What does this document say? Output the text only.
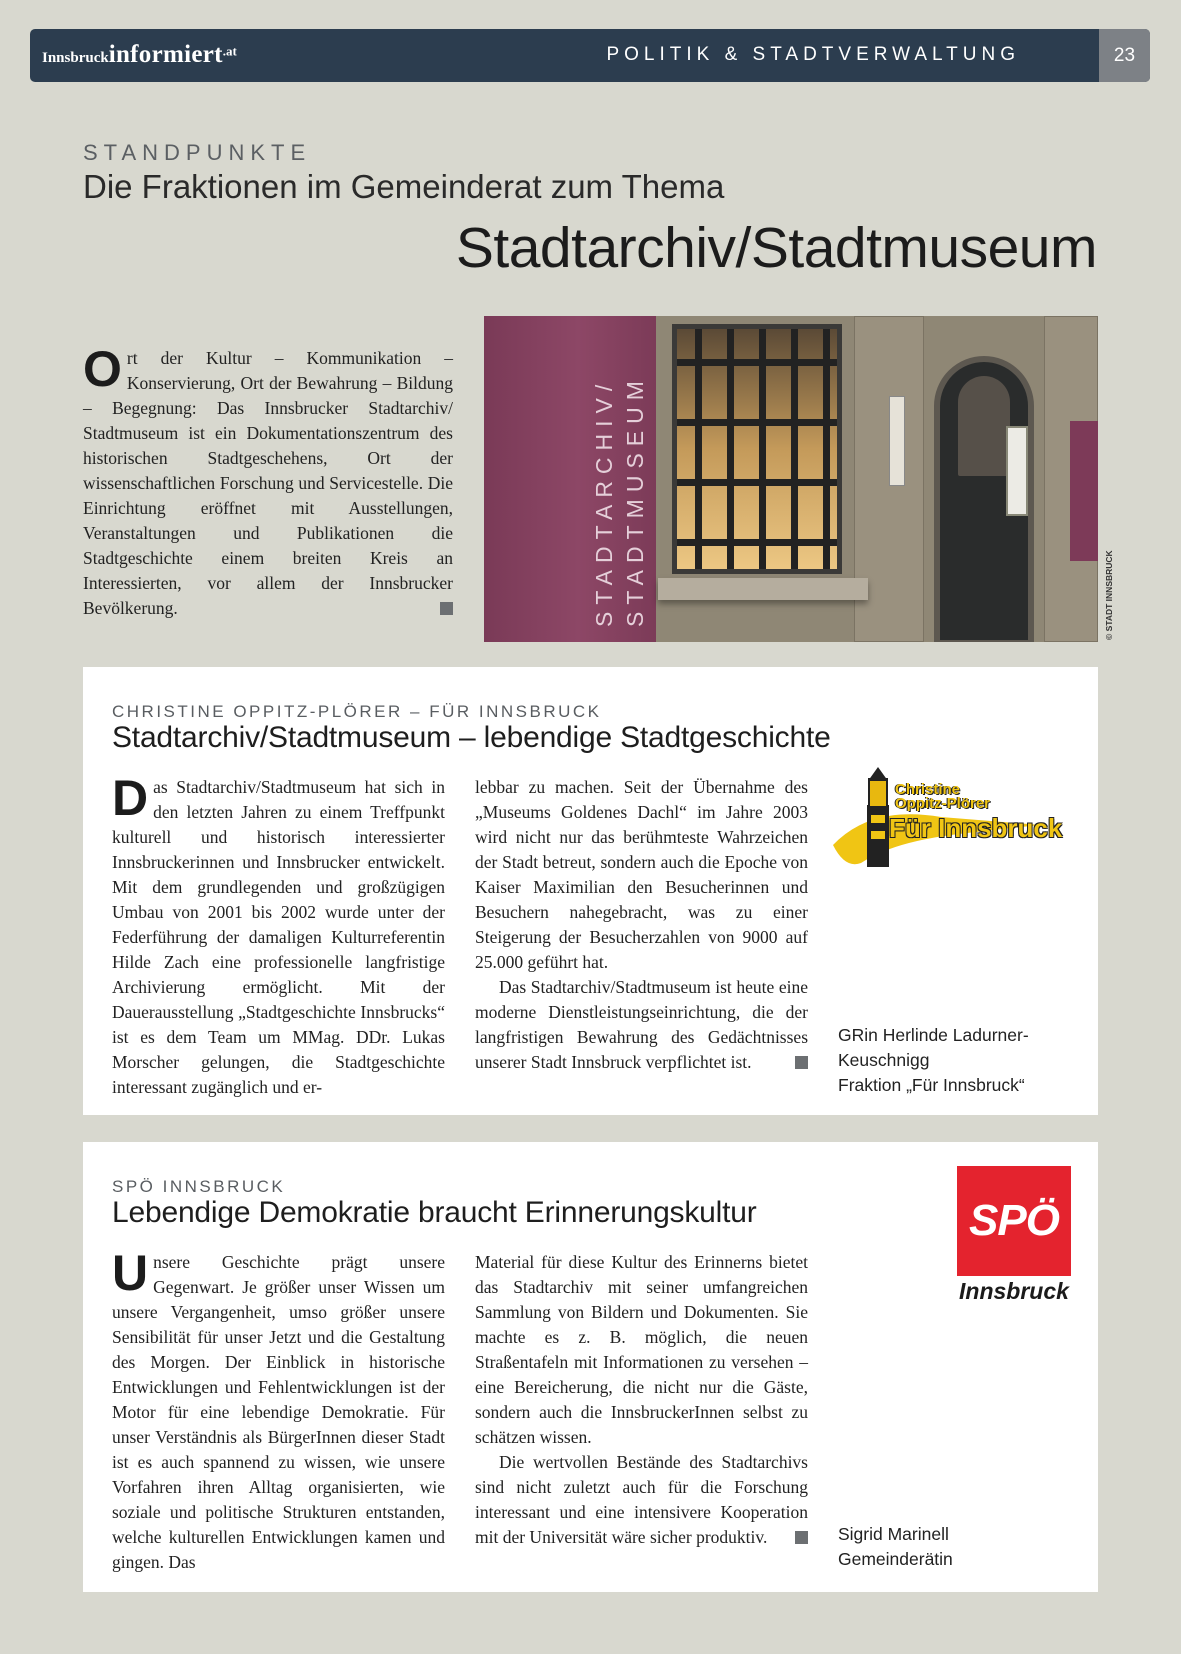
Innsbruckinformiert$^{.at}$	POLITIK & STADTVERWALTUNG	23
STANDPUNKTE
Die Fraktionen im Gemeinderat zum Thema
Stadtarchiv/Stadtmuseum
O rt der Kultur – Kommunikation – Konservierung, Ort der Bewahrung – Bildung – Begegnung: Das Innsbrucker Stadtarchiv/ Stadtmuseum ist ein Dokumentationszentrum des historischen Stadtgeschehens, Ort der wissenschaftlichen Forschung und Servicestelle. Die Einrichtung eröffnet mit Ausstellungen, Veranstaltungen und Publikationen die Stadtgeschichte einem breiten Kreis an Interessierten, vor allem der Innsbrucker Bevölkerung.	STADTARCHIV/ STADTMUSEUM	© STADT INNSBRUCK
CHRISTINE OPPITZ-PLÖRER – FÜR INNSBRUCK
Stadtarchiv/Stadtmuseum – lebendige Stadtgeschichte
D as Stadtarchiv/Stadtmuseum hat sich in den letzten Jahren zu einem Treffpunkt kulturell und historisch interessierter Innsbruckerinnen und Innsbrucker entwickelt. Mit dem grundlegenden und großzügigen Umbau von 2001 bis 2002 wurde unter der Federführung der damaligen Kulturreferentin Hilde Zach eine professionelle langfristige Archivierung ermöglicht. Mit der Dauerausstellung „Stadtgeschichte Innsbrucks“ ist es dem Team um MMag. DDr. Lukas Morscher gelungen, die Stadtgeschichte interessant zugänglich und er-

lebbar zu machen. Seit der Übernahme des „Museums Goldenes Dachl“ im Jahre 2003 wird nicht nur das berühmteste Wahrzeichen der Stadt betreut, sondern auch die Epoche von Kaiser Maximilian den Besucherinnen und Besuchern nahegebracht, was zu einer Steigerung der Besucherzahlen von 9000 auf 25.000 geführt hat.

Das Stadtarchiv/Stadtmuseum ist heute eine moderne Dienstleistungseinrichtung, die der langfristigen Bewahrung des Gedächtnisses unserer Stadt Innsbruck verpflichtet ist.

Christine
Oppitz-Plörer
Für Innsbruck
GRin Herlinde Ladurner-
Keuschnigg
Fraktion „Für Innsbruck“
SPÖ INNSBRUCK
Lebendige Demokratie braucht Erinnerungskultur
U nsere Geschichte prägt unsere Gegenwart. Je größer unser Wissen um unsere Vergangenheit, umso größer unsere Sensibilität für unser Jetzt und die Gestaltung des Morgen. Der Einblick in historische Entwicklungen und Fehlentwicklungen ist der Motor für eine lebendige Demokratie. Für unser Verständnis als BürgerInnen dieser Stadt ist es auch spannend zu wissen, wie unsere Vorfahren ihren Alltag organisierten, wie soziale und politische Strukturen entstanden, welche kulturellen Entwicklungen kamen und gingen. Das

Material für diese Kultur des Erinnerns bietet das Stadtarchiv mit seiner umfangreichen Sammlung von Bildern und Dokumenten. Sie machte es z. B. möglich, die neuen Straßentafeln mit Informationen zu versehen – eine Bereicherung, die nicht nur die Gäste, sondern auch die InnsbruckerInnen selbst zu schätzen wissen.

Die wertvollen Bestände des Stadtarchivs sind nicht zuletzt auch für die Forschung interessant und eine intensivere Kooperation mit der Universität wäre sicher produktiv.

SPÖ
Innsbruck
Sigrid Marinell
Gemeinderätin
